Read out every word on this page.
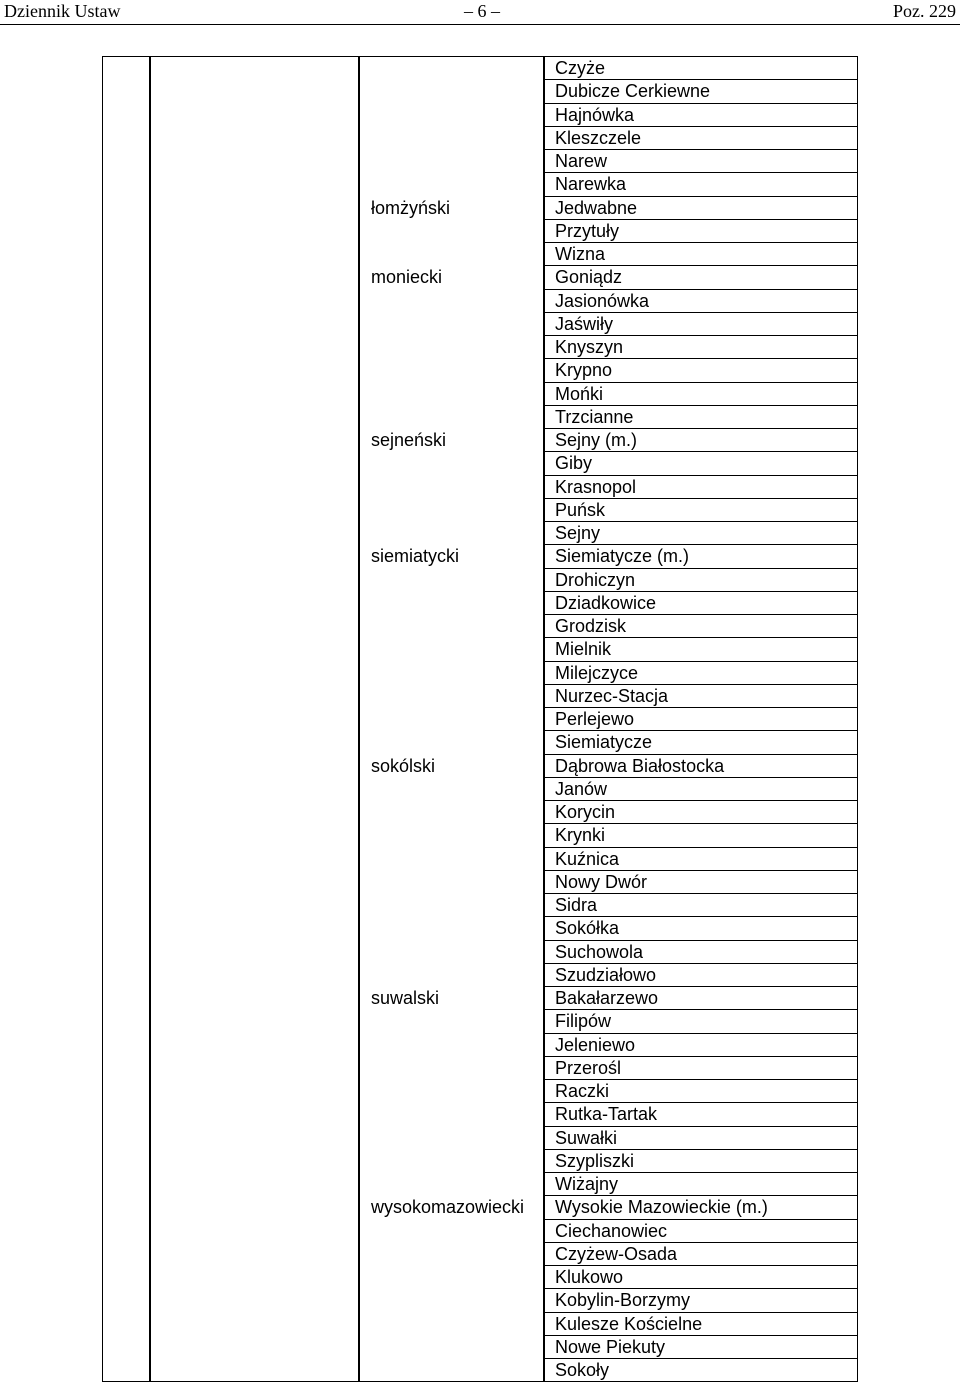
Dziennik Ustaw	– 6 –	Poz. 229
łomżyński
moniecki
sejneński
siemiatycki
sokólski
suwalski
wysokomazowiecki
Czyże
Dubicze Cerkiewne
Hajnówka
Kleszczele
Narew
Narewka
Jedwabne
Przytuły
Wizna
Goniądz
Jasionówka
Jaświły
Knyszyn
Krypno
Mońki
Trzcianne
Sejny (m.)
Giby
Krasnopol
Puńsk
Sejny
Siemiatycze (m.)
Drohiczyn
Dziadkowice
Grodzisk
Mielnik
Milejczyce
Nurzec-Stacja
Perlejewo
Siemiatycze
Dąbrowa Białostocka
Janów
Korycin
Krynki
Kuźnica
Nowy Dwór
Sidra
Sokółka
Suchowola
Szudziałowo
Bakałarzewo
Filipów
Jeleniewo
Przerośl
Raczki
Rutka-Tartak
Suwałki
Szypliszki
Wiżajny
Wysokie Mazowieckie (m.)
Ciechanowiec
Czyżew-Osada
Klukowo
Kobylin-Borzymy
Kulesze Kościelne
Nowe Piekuty
Sokoły
